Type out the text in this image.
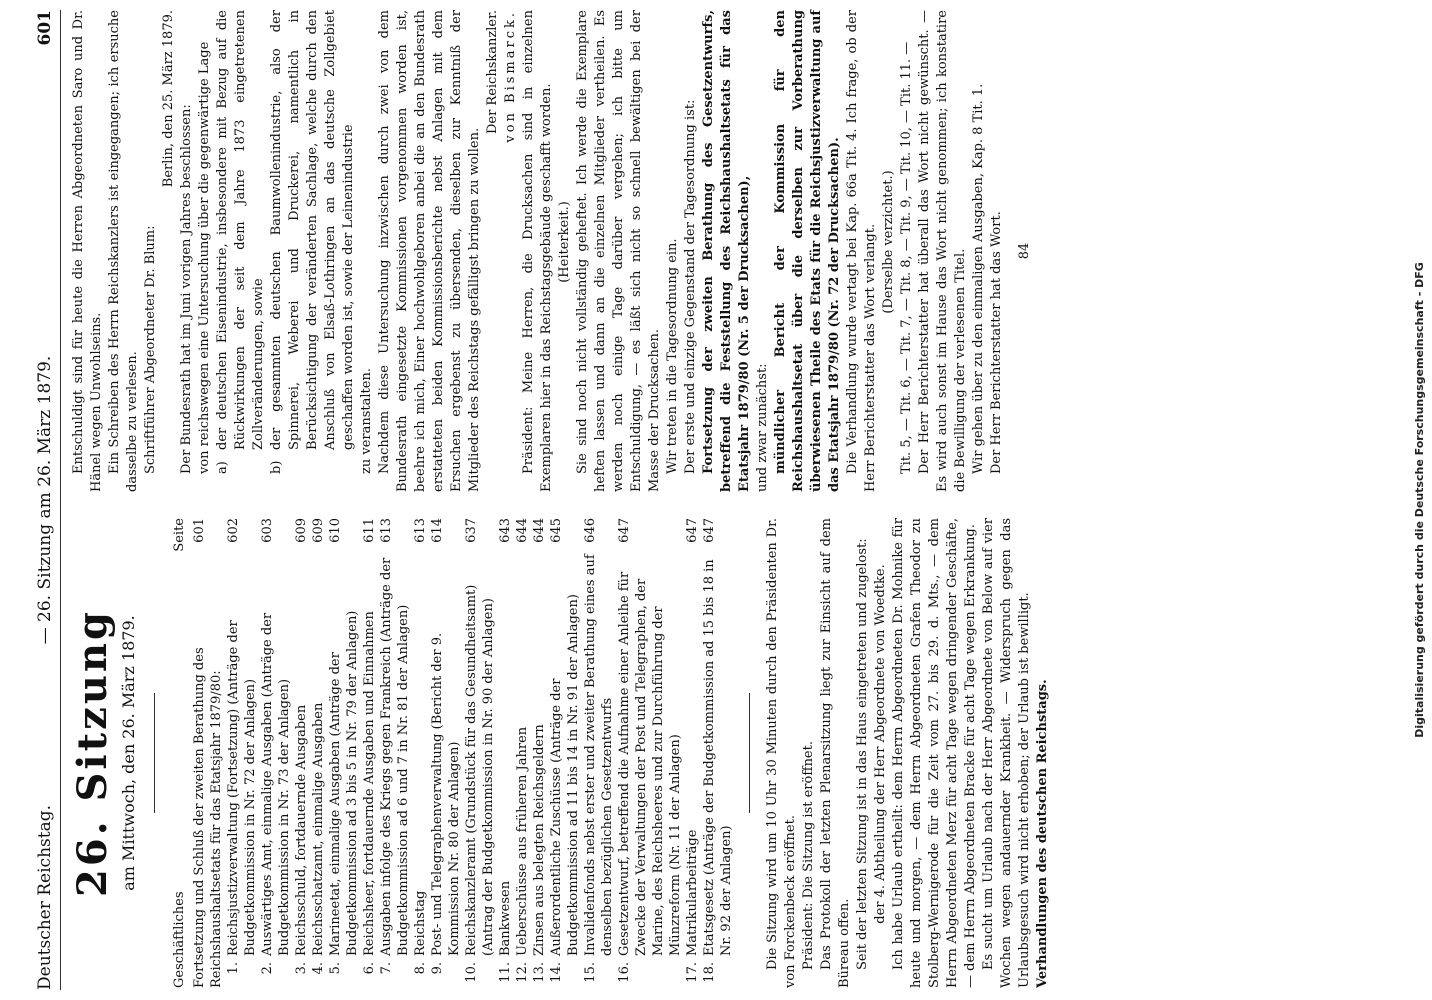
Deutscher Reichstag.
— 26. Sitzung am 26. März 1879.
601

26. Sitzung am Mittwoch, den 26. März 1879.

Geschäftliches
Seite
Fortsetzung und Schluß der zweiten Berathung des Reichshaushaltsetats für das Etatsjahr 1879/80:
601
1.
Reichsjustizverwaltung (Fortsetzung) (Anträge der Budgetkommission in Nr. 72 der Anlagen)
602
2.
Auswärtiges Amt, einmalige Ausgaben (Anträge der Budgetkommission in Nr. 73 der Anlagen)
603
3.
Reichsschuld, fortdauernde Ausgaben
609
4.
Reichsschatzamt, einmalige Ausgaben
609
5.
Marineetat, einmalige Ausgaben (Anträge der Budgetkommission ad 3 bis 5 in Nr. 79 der Anlagen)
610
6.
Reichsheer, fortdauernde Ausgaben und Einnahmen
611
7.
Ausgaben infolge des Kriegs gegen Frankreich (Anträge der Budgetkommission ad 6 und 7 in Nr. 81 der Anlagen)
613
8.
Reichstag
613
9.
Post- und Telegraphenverwaltung (Bericht der 9. Kommission Nr. 80 der Anlagen)
614
10.
Reichskanzleramt (Grundstück für das Gesundheitsamt) (Antrag der Budgetkommission in Nr. 90 der Anlagen)
637
11.
Bankwesen
643
12.
Ueberschüsse aus früheren Jahren
644
13.
Zinsen aus belegten Reichsgeldern
644
14.
Außerordentliche Zuschüsse (Anträge der Budgetkommission ad 11 bis 14 in Nr. 91 der Anlagen)
645
15.
Invalidenfonds nebst erster und zweiter Berathung eines auf denselben bezüglichen Gesetzentwurfs
646
16.
Gesetzentwurf, betreffend die Aufnahme einer Anleihe für Zwecke der Verwaltungen der Post und Telegraphen, der Marine, des Reichsheeres und zur Durchführung der Münzreform (Nr. 11 der Anlagen)
647
17.
Matrikularbeiträge
647
18.
Etatsgesetz (Anträge der Budgetkommission ad 15 bis 18 in Nr. 92 der Anlagen)
647	Die Sitzung wird um 10 Uhr 30 Minuten durch den Präsidenten Dr. von Forckenbeck eröffnet. Präsident: Die Sitzung ist eröffnet. Das Protokoll der letzten Plenarsitzung liegt zur Einsicht auf dem Büreau offen. Seit der letzten Sitzung ist in das Haus eingetreten und zugelost: der 4. Abtheilung der Herr Abgeordnete von Woedtke. Ich habe Urlaub ertheilt: dem Herrn Abgeordneten Dr. Mohnike für heute und morgen, — dem Herrn Abgeordneten Grafen Theodor zu Stolberg-Wernigerode für die Zeit vom 27. bis 29. d. Mts., — dem Herrn Abgeordneten Merz für acht Tage wegen dringender Geschäfte, — dem Herrn Abgeordneten Bracke für acht Tage wegen Erkrankung. Es sucht um Urlaub nach der Herr Abgeordnete von Below auf vier Wochen wegen andauernder Krankheit. — Widerspruch gegen das Urlaubsgesuch wird nicht erhoben; der Urlaub ist bewilligt. Verhandlungen des deutschen Reichstags.

Entschuldigt sind für heute die Herren Abgeordneten Saro und Dr. Hänel wegen Unwohlseins. Ein Schreiben des Herrn Reichskanzlers ist eingegangen; ich ersuche dasselbe zu verlesen. Schriftführer Abgeordneter Dr. Blum:

Berlin, den 25. März 1879.

Der Bundesrath hat im Juni vorigen Jahres beschlossen: von reichswegen eine Untersuchung über die gegenwärtige Lage a)
der deutschen Eisenindustrie, insbesondere mit Bezug auf die Rückwirkungen der seit dem Jahre 1873 eingetretenen Zollveränderungen, sowie
b)
der gesammten deutschen Baumwollenindustrie, also der Spinnerei, Weberei und Druckerei, namentlich in Berücksichtigung der veränderten Sachlage, welche durch den Anschluß von Elsaß-Lothringen an das deutsche Zollgebiet geschaffen worden ist, sowie der Leinenindustrie zu veranstalten. Nachdem diese Untersuchung inzwischen durch zwei von dem Bundesrath eingesetzte Kommissionen vorgenommen worden ist, beehre ich mich, Einer hochwohlgeboren anbei die an den Bundesrath erstatteten beiden Kommissionsberichte nebst Anlagen mit dem Ersuchen ergebenst zu übersenden, dieselben zur Kenntniß der Mitglieder des Reichstags gefälligst bringen zu wollen.

Der Reichskanzler. von Bismarck. Präsident: Meine Herren, die Drucksachen sind in einzelnen Exemplaren hier in das Reichstagsgebäude geschafft worden. (Heiterkeit.) Sie sind noch nicht vollständig geheftet. Ich werde die Exemplare heften lassen und dann an die einzelnen Mitglieder vertheilen. Es werden noch einige Tage darüber vergehen; ich bitte um Entschuldigung, — es läßt sich nicht so schnell bewältigen bei der Masse der Drucksachen. Wir treten in die Tagesordnung ein. Der erste und einzige Gegenstand der Tagesordnung ist: Fortsetzung der zweiten Berathung des Gesetzentwurfs, betreffend die Feststellung des Reichshaushaltsetats für das Etatsjahr 1879/80 (Nr. 5 der Drucksachen), und zwar zunächst: mündlicher Bericht der Kommission für den Reichshaushaltsetat über die derselben zur Vorberathung überwiesenen Theile des Etats für die Reichsjustizverwaltung auf das Etatsjahr 1879/80 (Nr. 72 der Drucksachen). Die Verhandlung wurde vertagt bei Kap. 66a Tit. 4. Ich frage, ob der Herr Berichterstatter das Wort verlangt. (Derselbe verzichtet.) Tit. 5, — Tit. 6, — Tit. 7, — Tit. 8, — Tit. 9, — Tit. 10, — Tit. 11. — Der Herr Berichterstatter hat überall das Wort nicht gewünscht. — Es wird auch sonst im Hause das Wort nicht genommen; ich konstatire die Bewilligung der verlesenen Titel. Wir gehen über zu den einmaligen Ausgaben, Kap. 8 Tit. 1. Der Herr Berichterstatter hat das Wort. 84

Digitalisierung gefördert durch die Deutsche Forschungsgemeinschaft - DFG
